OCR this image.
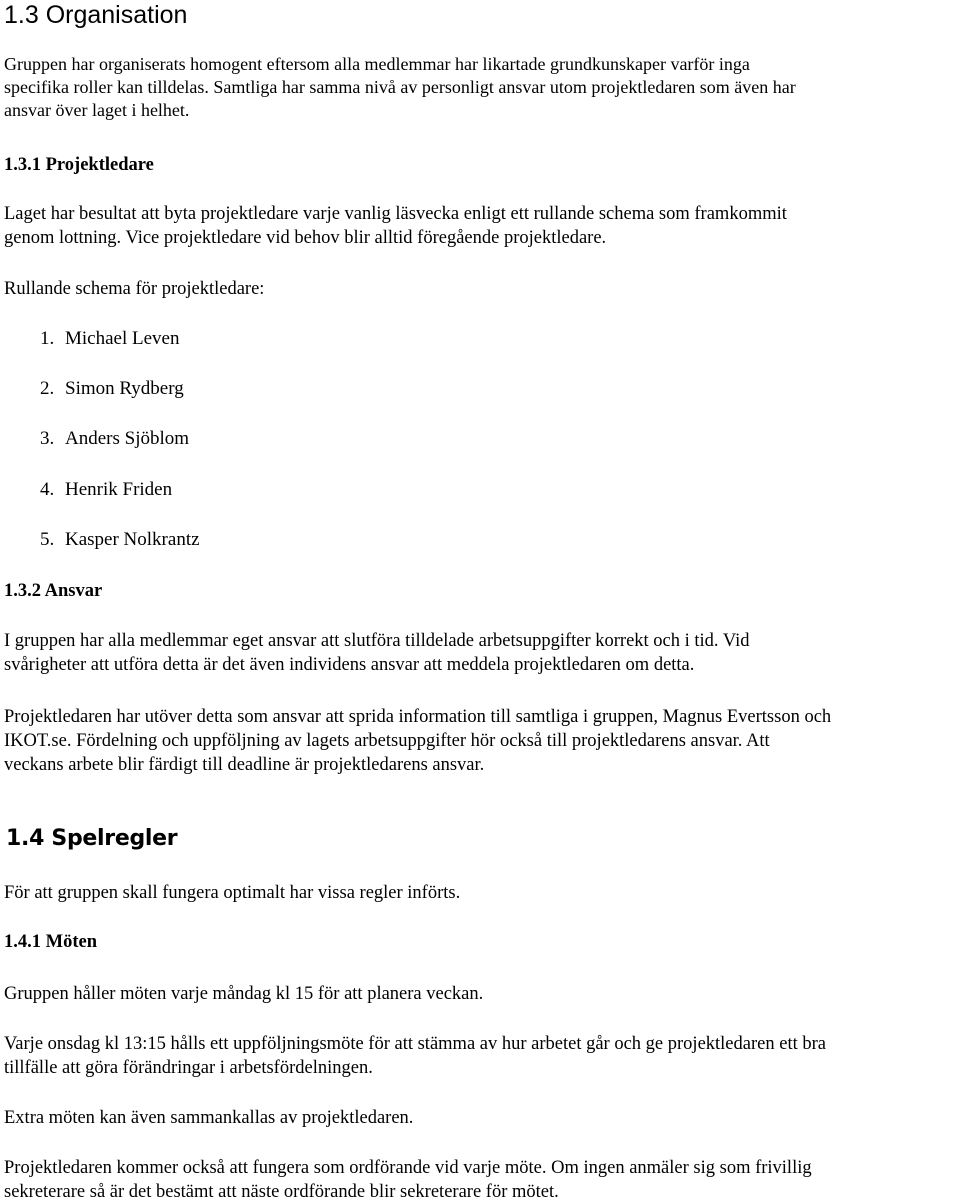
1.3 Organisation

Gruppen har organiserats homogent eftersom alla medlemmar har likartade grundkunskaper varför inga
specifika roller kan tilldelas. Samtliga har samma nivå av personligt ansvar utom projektledaren som även har
ansvar över laget i helhet.

1.3.1 Projektledare

Laget har besultat att byta projektledare varje vanlig läsvecka enligt ett rullande schema som framkommit
genom lottning. Vice projektledare vid behov blir alltid föregående projektledare.

Rullande schema för projektledare:

1. Michael Leven
2. Simon Rydberg
3. Anders Sjöblom
4. Henrik Friden
5. Kasper Nolkrantz
1.3.2 Ansvar

I gruppen har alla medlemmar eget ansvar att slutföra tilldelade arbetsuppgifter korrekt och i tid. Vid
svårigheter att utföra detta är det även individens ansvar att meddela projektledaren om detta.

Projektledaren har utöver detta som ansvar att sprida information till samtliga i gruppen, Magnus Evertsson och
IKOT.se. Fördelning och uppföljning av lagets arbetsuppgifter hör också till projektledarens ansvar. Att
veckans arbete blir färdigt till deadline är projektledarens ansvar.

1.4 Spelregler

För att gruppen skall fungera optimalt har vissa regler införts.

1.4.1 Möten

Gruppen håller möten varje måndag kl 15 för att planera veckan.

Varje onsdag kl 13:15 hålls ett uppföljningsmöte för att stämma av hur arbetet går och ge projektledaren ett bra
tillfälle att göra förändringar i arbetsfördelningen.

Extra möten kan även sammankallas av projektledaren.

Projektledaren kommer också att fungera som ordförande vid varje möte. Om ingen anmäler sig som frivillig
sekreterare så är det bestämt att näste ordförande blir sekreterare för mötet.
